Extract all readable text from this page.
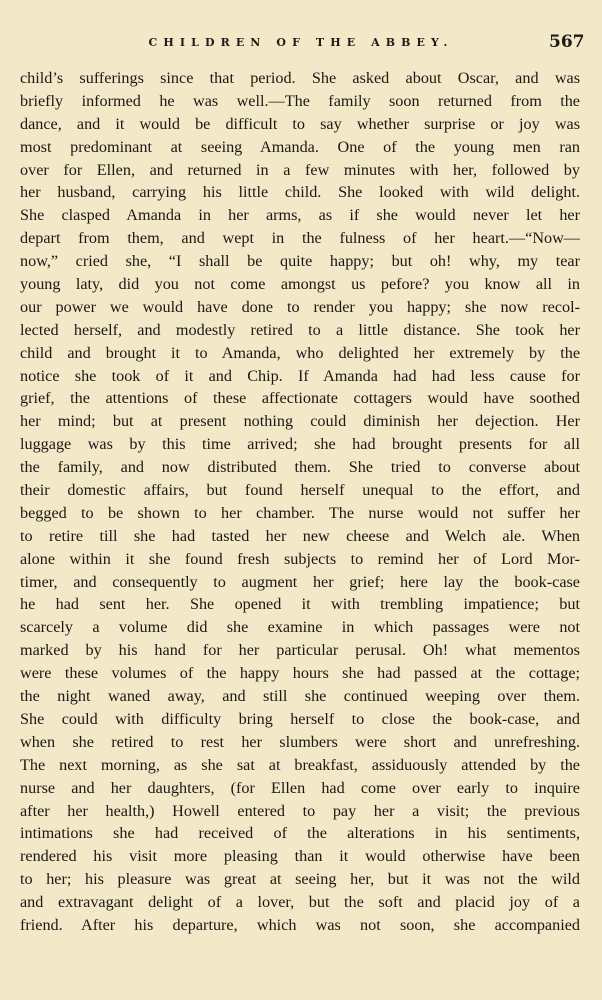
CHILDREN OF THE ABBEY.	567
child’s sufferings since that period. She asked about Oscar, and was
briefly informed he was well.—The family soon returned from the
dance, and it would be difficult to say whether surprise or joy was
most predominant at seeing Amanda. One of the young men ran
over for Ellen, and returned in a few minutes with her, followed by
her husband, carrying his little child. She looked with wild delight.
She clasped Amanda in her arms, as if she would never let her
depart from them, and wept in the fulness of her heart.—“Now—
now,” cried she, “I shall be quite happy; but oh! why, my tear
young laty, did you not come amongst us pefore? you know all in
our power we would have done to render you happy; she now recol-
lected herself, and modestly retired to a little distance. She took her
child and brought it to Amanda, who delighted her extremely by the
notice she took of it and Chip. If Amanda had had less cause for
grief, the attentions of these affectionate cottagers would have soothed
her mind; but at present nothing could diminish her dejection. Her
luggage was by this time arrived; she had brought presents for all
the family, and now distributed them. She tried to converse about
their domestic affairs, but found herself unequal to the effort, and
begged to be shown to her chamber. The nurse would not suffer her
to retire till she had tasted her new cheese and Welch ale. When
alone within it she found fresh subjects to remind her of Lord Mor-
timer, and consequently to augment her grief; here lay the book-case
he had sent her. She opened it with trembling impatience; but
scarcely a volume did she examine in which passages were not
marked by his hand for her particular perusal. Oh! what mementos
were these volumes of the happy hours she had passed at the cottage;
the night waned away, and still she continued weeping over them.
She could with difficulty bring herself to close the book-case, and
when she retired to rest her slumbers were short and unrefreshing.
The next morning, as she sat at breakfast, assiduously attended by the
nurse and her daughters, (for Ellen had come over early to inquire
after her health,) Howell entered to pay her a visit; the previous
intimations she had received of the alterations in his sentiments,
rendered his visit more pleasing than it would otherwise have been
to her; his pleasure was great at seeing her, but it was not the wild
and extravagant delight of a lover, but the soft and placid joy of a
friend. After his departure, which was not soon, she accompanied
